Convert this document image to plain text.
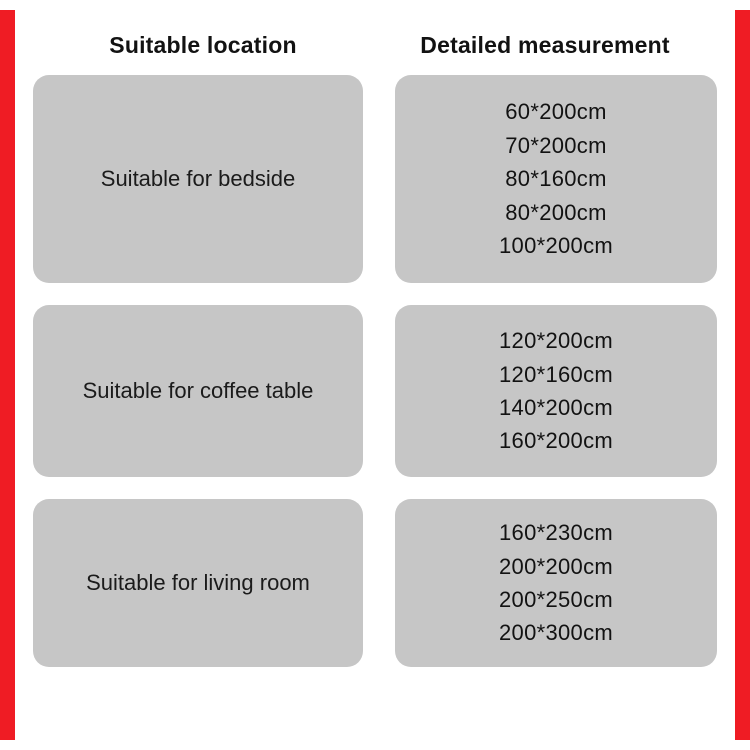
Suitable location	Detailed measurement
Suitable for bedside
60*200cm
70*200cm
80*160cm
80*200cm
100*200cm
Suitable for coffee table
120*200cm
120*160cm
140*200cm
160*200cm
Suitable for living room
160*230cm
200*200cm
200*250cm
200*300cm
